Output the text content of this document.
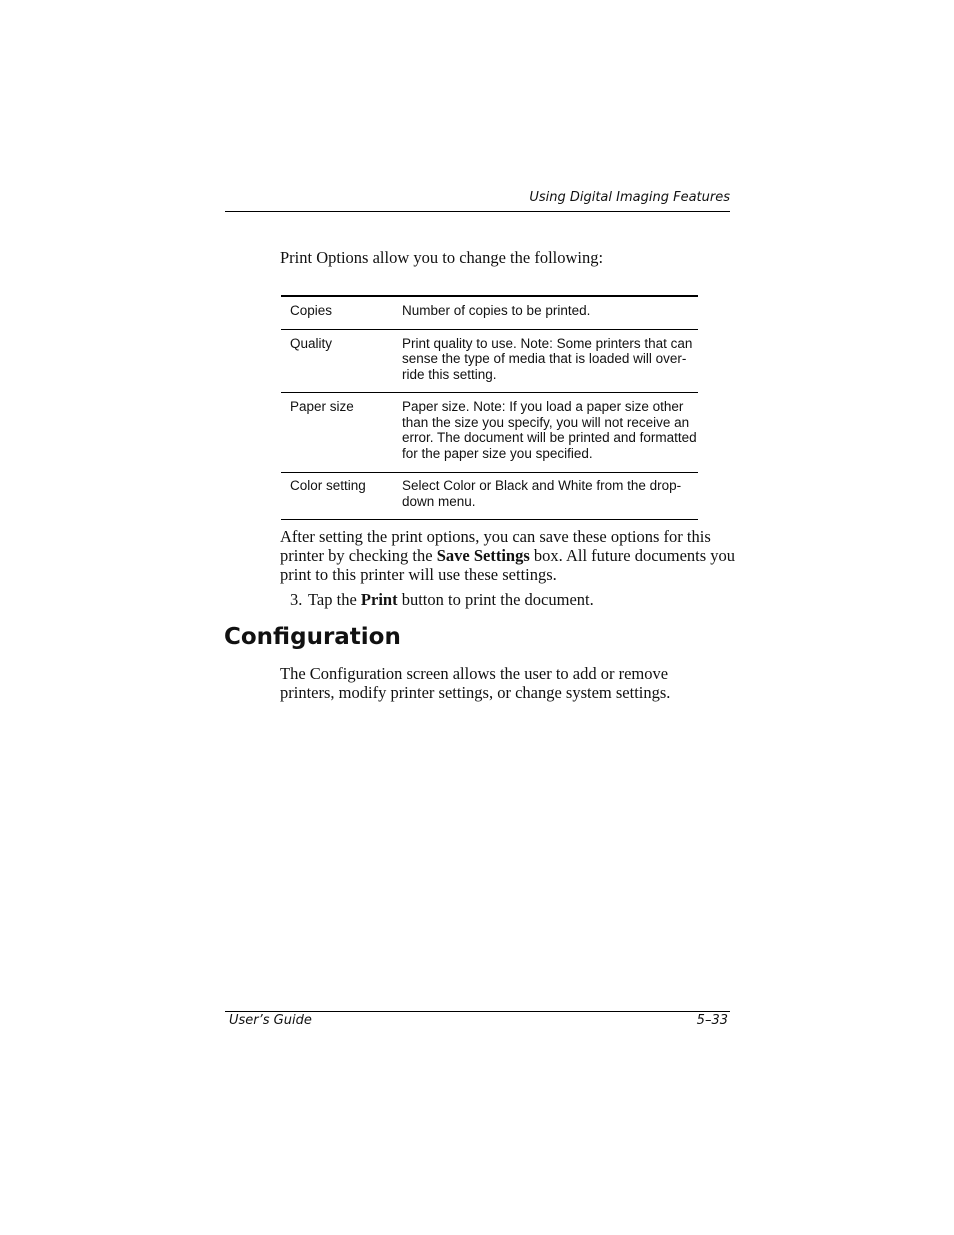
Using Digital Imaging Features

Print Options allow you to change the following:

Copies	Number of copies to be printed.
Quality	Print quality to use. Note: Some printers that can sense the type of media that is loaded will over-ride this setting.
Paper size	Paper size. Note: If you load a paper size other than the size you specify, you will not receive an error. The document will be printed and formatted for the paper size you specified.
Color setting	Select Color or Black and White from the drop-down menu.

After setting the print options, you can save these options for this printer by checking the Save Settings box. All future documents you print to this printer will use these settings.

3. Tap the Print button to print the document.

Configuration

The Configuration screen allows the user to add or remove printers, modify printer settings, or change system settings.

User’s Guide	5–33
